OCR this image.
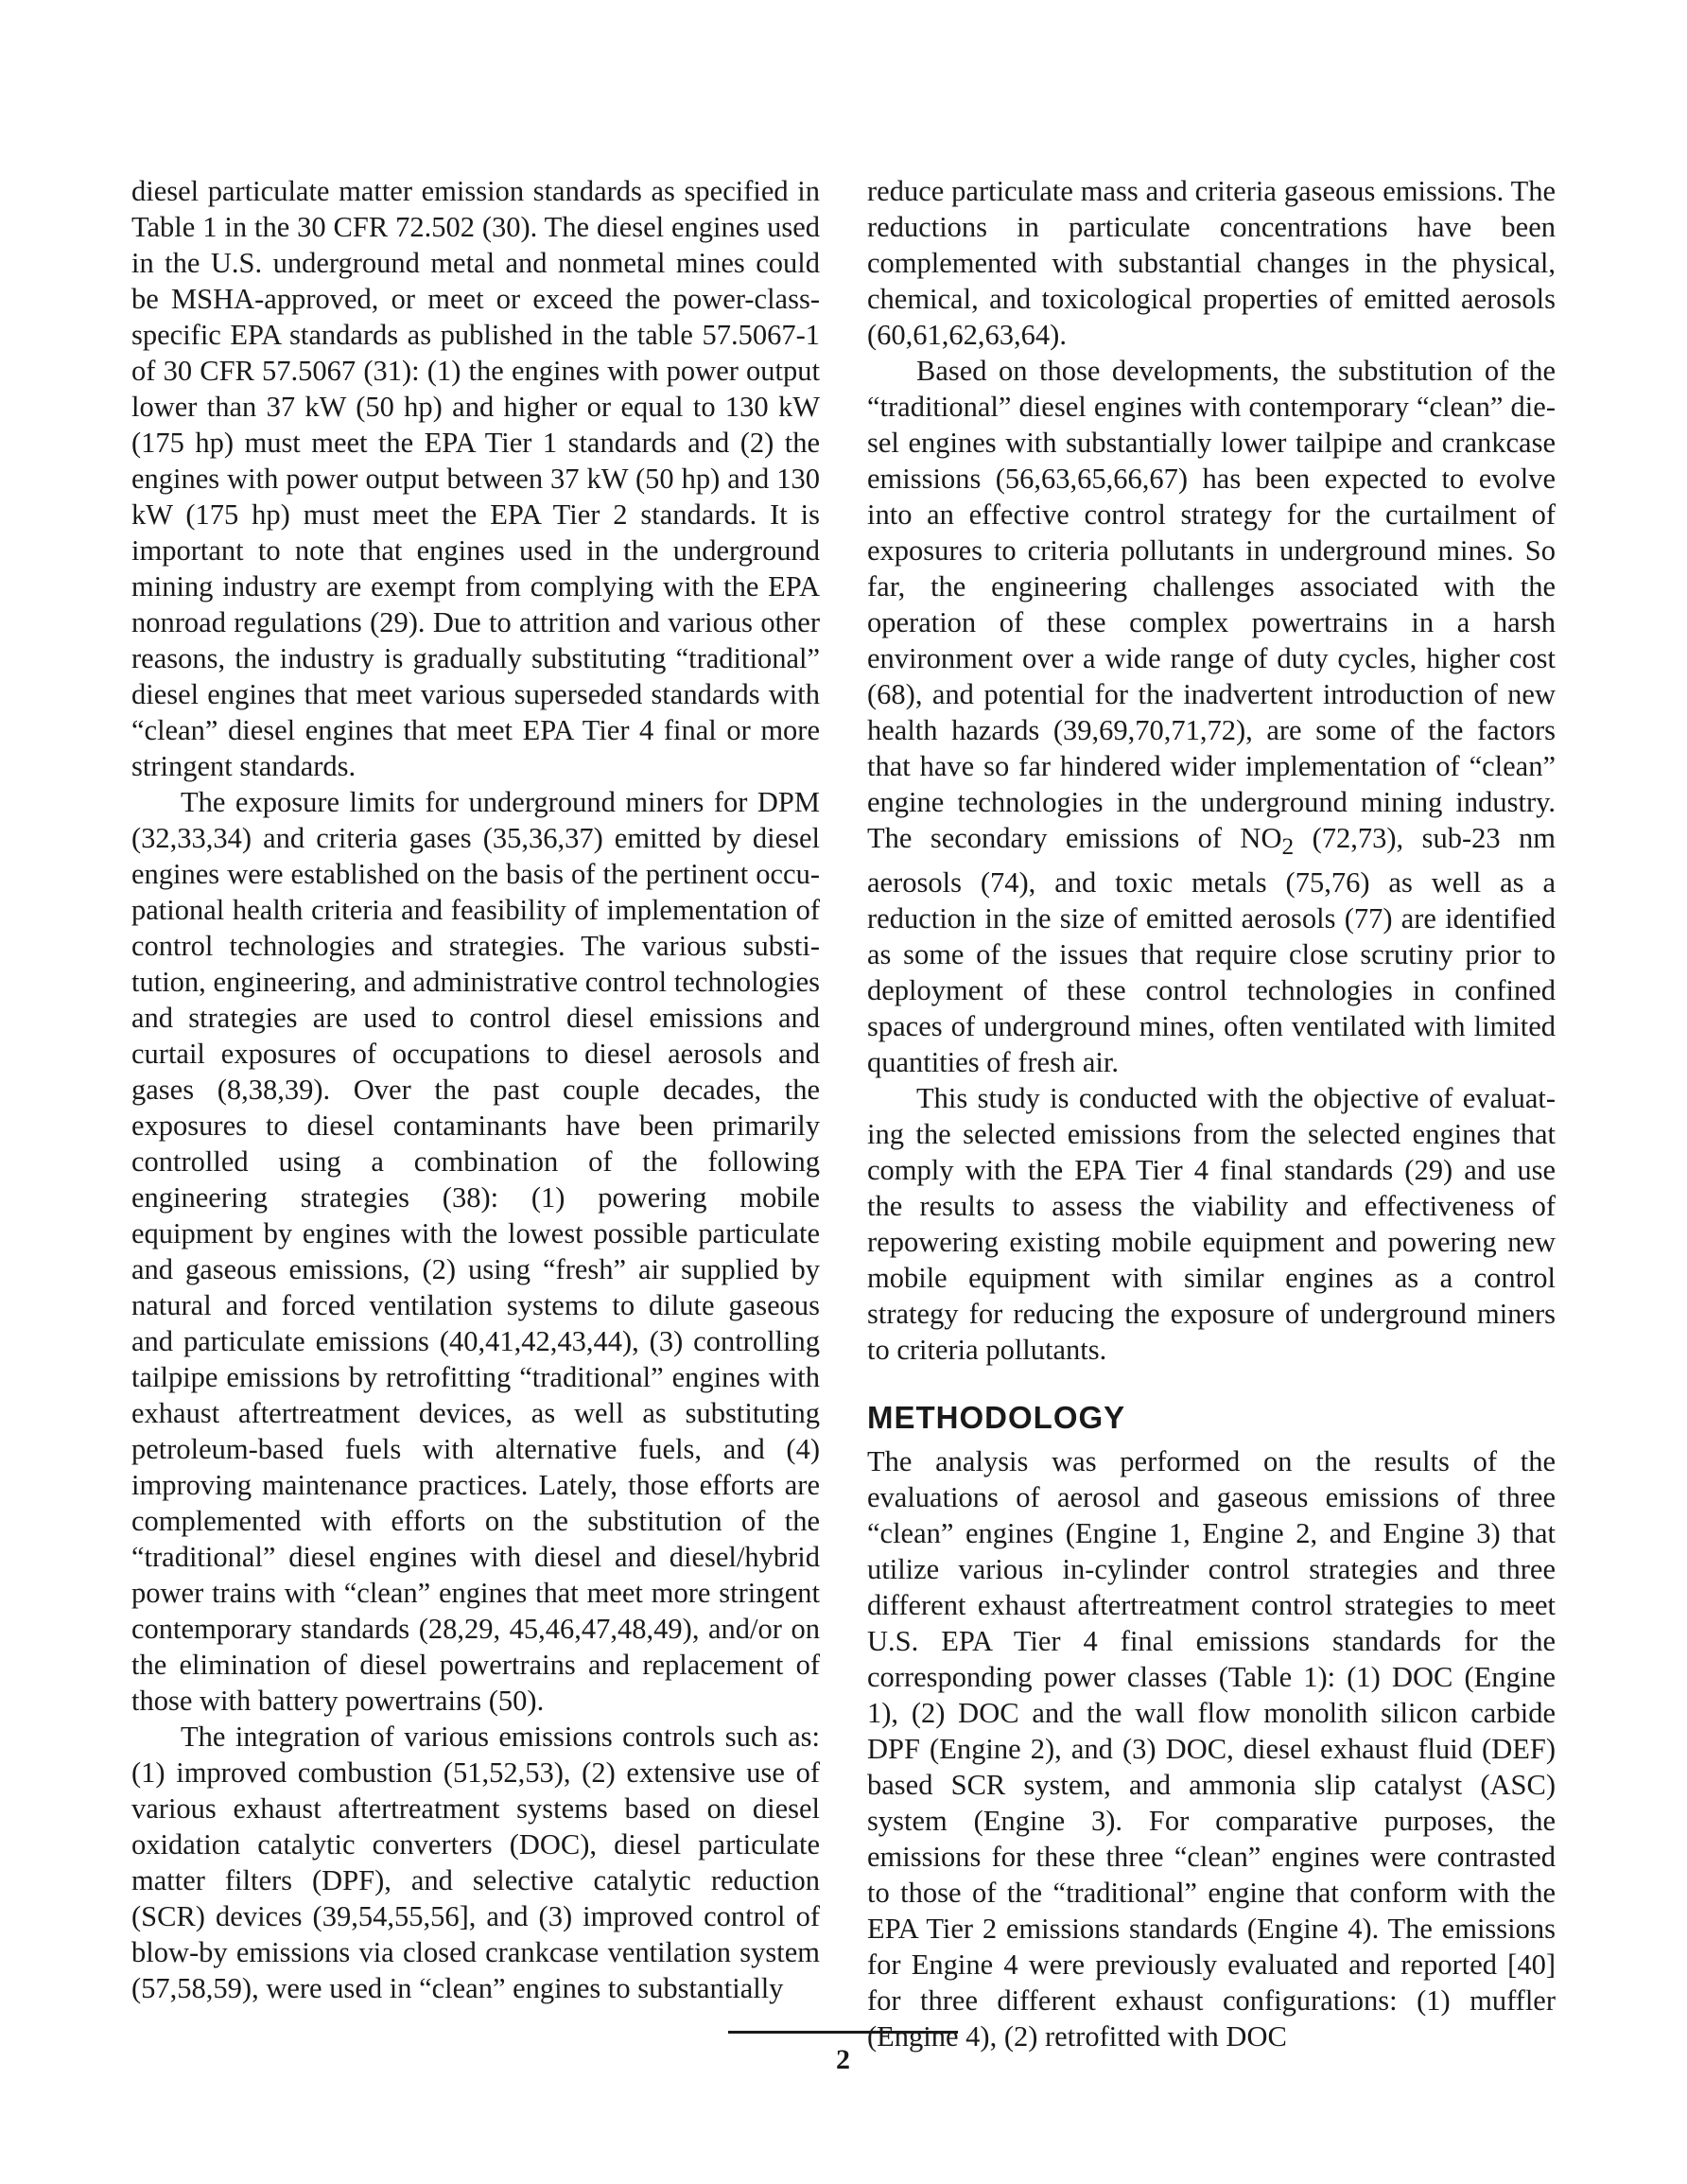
diesel particulate matter emission standards as specified in Table 1 in the 30 CFR 72.502 (30). The diesel engines used in the U.S. underground metal and nonmetal mines could be MSHA-approved, or meet or exceed the power-class-specific EPA standards as published in the table 57.5067-1 of 30 CFR 57.5067 (31): (1) the engines with power output lower than 37 kW (50 hp) and higher or equal to 130 kW (175 hp) must meet the EPA Tier 1 standards and (2) the engines with power output between 37 kW (50 hp) and 130 kW (175 hp) must meet the EPA Tier 2 standards. It is important to note that engines used in the underground mining industry are exempt from complying with the EPA nonroad regulations (29). Due to attrition and various other reasons, the industry is gradually substituting “traditional” diesel engines that meet various superseded standards with “clean” diesel engines that meet EPA Tier 4 final or more stringent standards.

The exposure limits for underground miners for DPM (32,33,34) and criteria gases (35,36,37) emitted by diesel engines were established on the basis of the pertinent occupational health criteria and feasibility of implementation of control technologies and strategies. The various substitution, engineering, and administrative control technologies and strategies are used to control diesel emissions and curtail exposures of occupations to diesel aerosols and gases (8,38,39). Over the past couple decades, the exposures to diesel contaminants have been primarily controlled using a combination of the following engineering strategies (38): (1) powering mobile equipment by engines with the lowest possible particulate and gaseous emissions, (2) using “fresh” air supplied by natural and forced ventilation systems to dilute gaseous and particulate emissions (40,41,42,43,44), (3) controlling tailpipe emissions by retrofitting “traditional” engines with exhaust aftertreatment devices, as well as substituting petroleum-based fuels with alternative fuels, and (4) improving maintenance practices. Lately, those efforts are complemented with efforts on the substitution of the “traditional” diesel engines with diesel and diesel/hybrid power trains with “clean” engines that meet more stringent contemporary standards (28,29, 45,46,47,48,49), and/or on the elimination of diesel powertrains and replacement of those with battery powertrains (50).

The integration of various emissions controls such as: (1) improved combustion (51,52,53), (2) extensive use of various exhaust aftertreatment systems based on diesel oxidation catalytic converters (DOC), diesel particulate matter filters (DPF), and selective catalytic reduction (SCR) devices (39,54,55,56], and (3) improved control of blow-by emissions via closed crankcase ventilation system (57,58,59), were used in “clean” engines to substantially

reduce particulate mass and criteria gaseous emissions. The reductions in particulate concentrations have been complemented with substantial changes in the physical, chemical, and toxicological properties of emitted aerosols (60,61,62,63,64).

Based on those developments, the substitution of the “traditional” diesel engines with contemporary “clean” diesel engines with substantially lower tailpipe and crankcase emissions (56,63,65,66,67) has been expected to evolve into an effective control strategy for the curtailment of exposures to criteria pollutants in underground mines. So far, the engineering challenges associated with the operation of these complex powertrains in a harsh environment over a wide range of duty cycles, higher cost (68), and potential for the inadvertent introduction of new health hazards (39,69,70,71,72), are some of the factors that have so far hindered wider implementation of “clean” engine technologies in the underground mining industry. The secondary emissions of $NO_2$ (72,73), sub-23 nm aerosols (74), and toxic metals (75,76) as well as a reduction in the size of emitted aerosols (77) are identified as some of the issues that require close scrutiny prior to deployment of these control technologies in confined spaces of underground mines, often ventilated with limited quantities of fresh air.

This study is conducted with the objective of evaluating the selected emissions from the selected engines that comply with the EPA Tier 4 final standards (29) and use the results to assess the viability and effectiveness of repowering existing mobile equipment and powering new mobile equipment with similar engines as a control strategy for reducing the exposure of underground miners to criteria pollutants.

METHODOLOGY

The analysis was performed on the results of the evaluations of aerosol and gaseous emissions of three “clean” engines (Engine 1, Engine 2, and Engine 3) that utilize various in-cylinder control strategies and three different exhaust aftertreatment control strategies to meet U.S. EPA Tier 4 final emissions standards for the corresponding power classes (Table 1): (1) DOC (Engine 1), (2) DOC and the wall flow monolith silicon carbide DPF (Engine 2), and (3) DOC, diesel exhaust fluid (DEF) based SCR system, and ammonia slip catalyst (ASC) system (Engine 3). For comparative purposes, the emissions for these three “clean” engines were contrasted to those of the “traditional” engine that conform with the EPA Tier 2 emissions standards (Engine 4). The emissions for Engine 4 were previously evaluated and reported [40] for three different exhaust configurations: (1) muffler (Engine 4), (2) retrofitted with DOC

2
